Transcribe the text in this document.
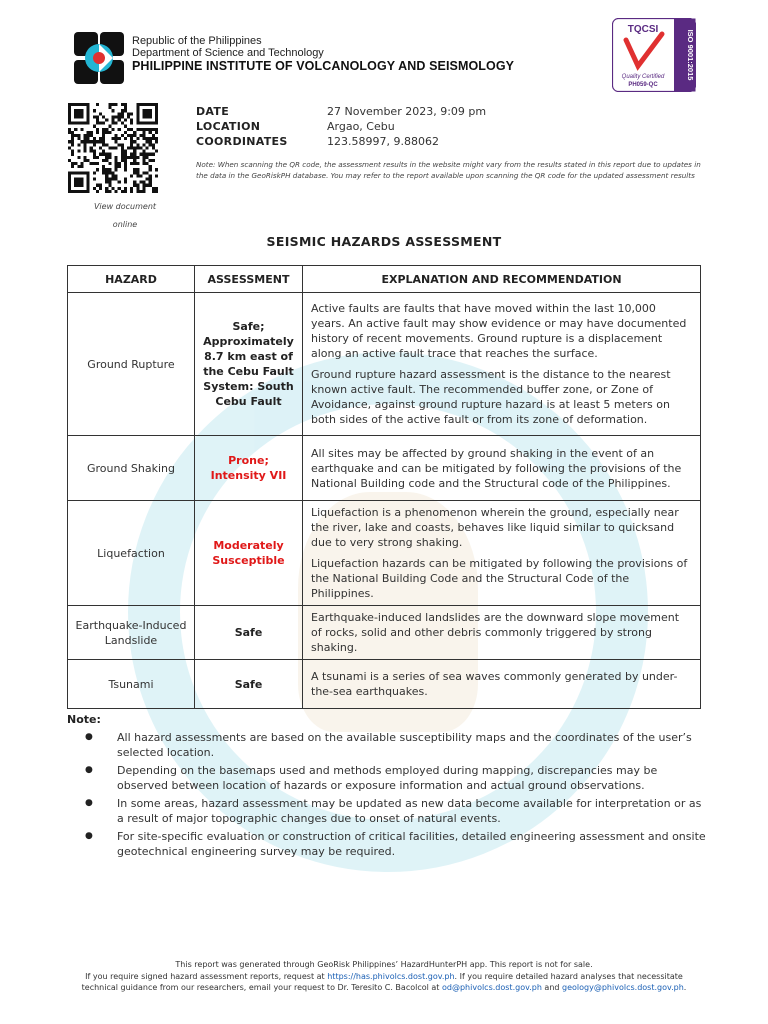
Republic of the Philippines
Department of Science and Technology
PHILIPPINE INSTITUTE OF VOLCANOLOGY AND SEISMOLOGY
TQCSI
Quality Certified
PH059-QC
ISO 9001:2015
View document
online
DATE	27 November 2023, 9:09 pm
LOCATION	Argao, Cebu
COORDINATES	123.58997, 9.88062
Note: When scanning the QR code, the assessment results in the website might vary from the results stated in this report due to updates in the data in the GeoRiskPH database. You may refer to the report available upon scanning the QR code for the updated assessment results
SEISMIC HAZARDS ASSESSMENT
HAZARD	ASSESSMENT	EXPLANATION AND RECOMMENDATION
Ground Rupture	Safe; Approximately 8.7 km east of the Cebu Fault System: South Cebu Fault	Active faults are faults that have moved within the last 10,000 years. An active fault may show evidence or may have documented history of recent movements. Ground rupture is a displacement along an active fault trace that reaches the surface.

Ground rupture hazard assessment is the distance to the nearest known active fault. The recommended buffer zone, or Zone of Avoidance, against ground rupture hazard is at least 5 meters on both sides of the active fault or from its zone of deformation.

Ground Shaking	Prone; Intensity VII	All sites may be affected by ground shaking in the event of an earthquake and can be mitigated by following the provisions of the National Building code and the Structural code of the Philippines.

Liquefaction	Moderately Susceptible	Liquefaction is a phenomenon wherein the ground, especially near the river, lake and coasts, behaves like liquid similar to quicksand due to very strong shaking.

Liquefaction hazards can be mitigated by following the provisions of the National Building Code and the Structural Code of the Philippines.

Earthquake-Induced Landslide	Safe	Earthquake-induced landslides are the downward slope movement of rocks, solid and other debris commonly triggered by strong shaking.

Tsunami	Safe	A tsunami is a series of sea waves commonly generated by under-the-sea earthquakes.

Note:
● All hazard assessments are based on the available susceptibility maps and the coordinates of the user’s selected location.
● Depending on the basemaps used and methods employed during mapping, discrepancies may be observed between location of hazards or exposure information and actual ground observations.
● In some areas, hazard assessment may be updated as new data become available for interpretation or as a result of major topographic changes due to onset of natural events.
● For site-specific evaluation or construction of critical facilities, detailed engineering assessment and onsite geotechnical engineering survey may be required.
This report was generated through GeoRisk Philippines’ HazardHunterPH app. This report is not for sale.
If you require signed hazard assessment reports, request at https://has.phivolcs.dost.gov.ph. If you require detailed hazard analyses that necessitate technical guidance from our researchers, email your request to Dr. Teresito C. Bacolcol at od@phivolcs.dost.gov.ph and geology@phivolcs.dost.gov.ph.
